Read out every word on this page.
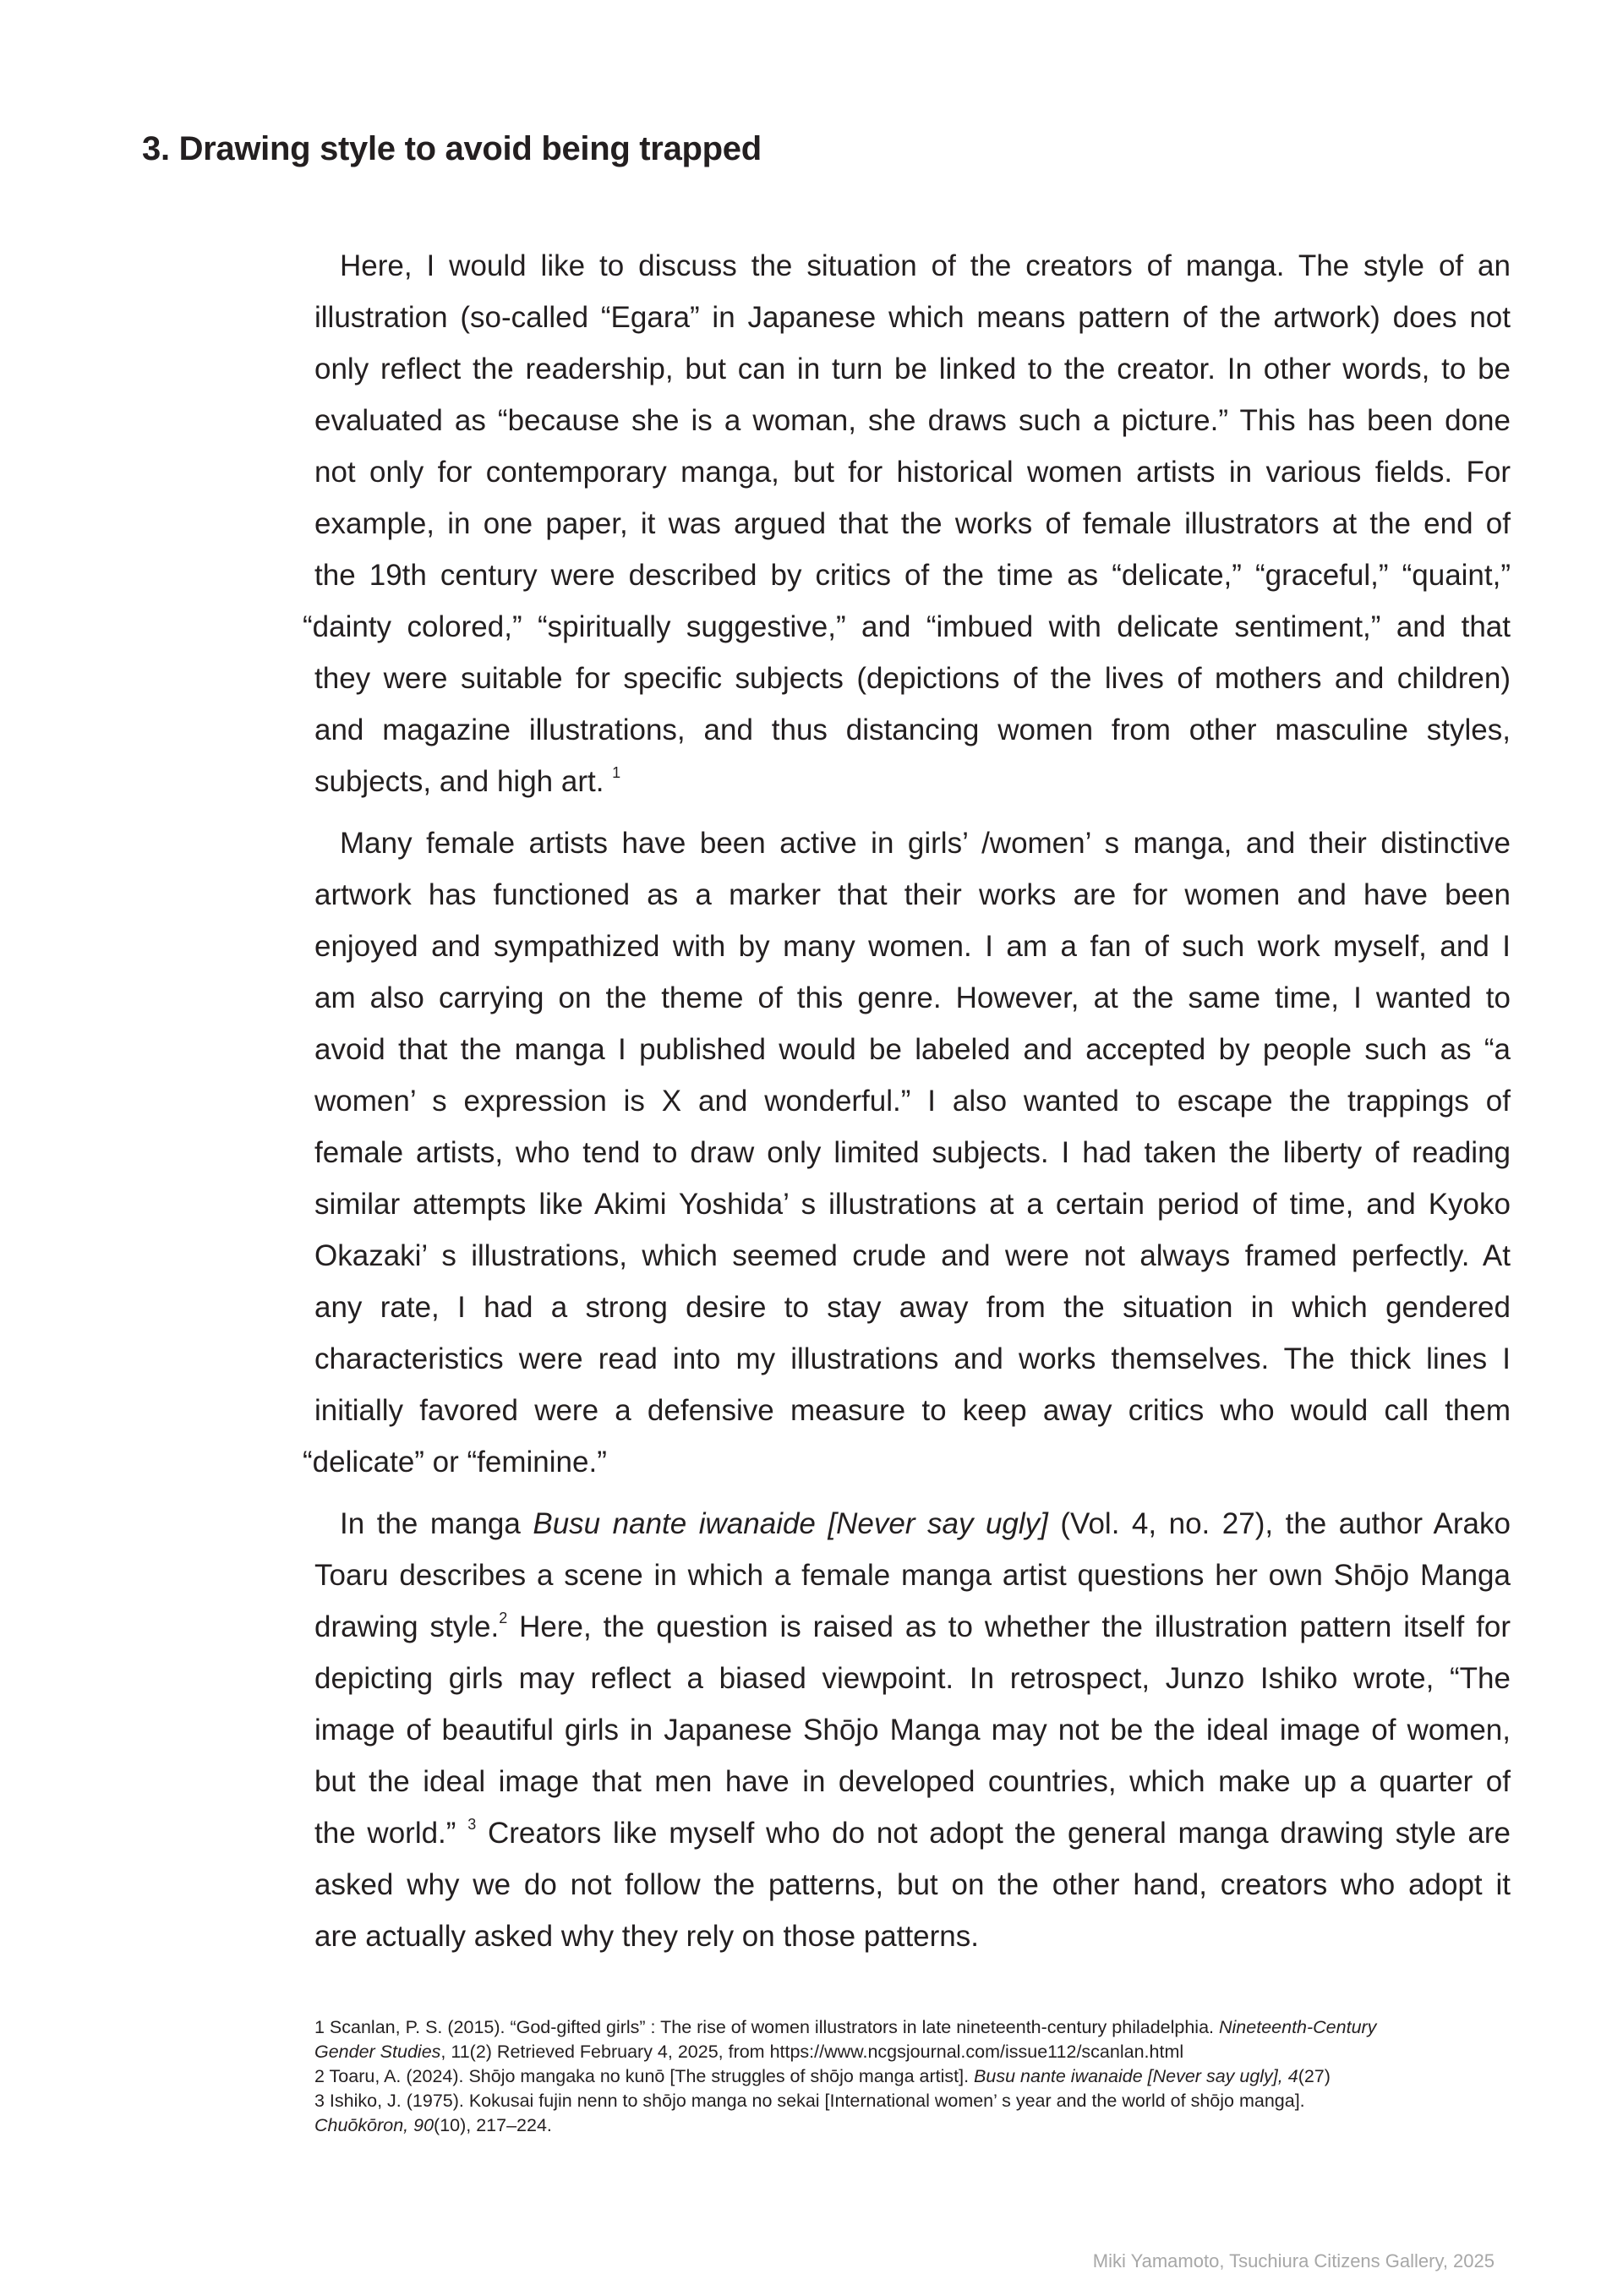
3. Drawing style to avoid being trapped
Here, I would like to discuss the situation of the creators of manga. The style of an
illustration (so-called “Egara” in Japanese which means pattern of the artwork) does not
only reflect the readership, but can in turn be linked to the creator. In other words, to be
evaluated as “because she is a woman, she draws such a picture.” This has been done
not only for contemporary manga, but for historical women artists in various fields. For
example, in one paper, it was argued that the works of female illustrators at the end of
the 19th century were described by critics of the time as “delicate,” “graceful,” “quaint,”
“dainty colored,” “spiritually suggestive,” and “imbued with delicate sentiment,” and that
they were suitable for specific subjects (depictions of the lives of mothers and children)
and magazine illustrations, and thus distancing women from other masculine styles,
subjects, and high art. $^1$
Many female artists have been active in girls’ /women’ s manga, and their distinctive
artwork has functioned as a marker that their works are for women and have been
enjoyed and sympathized with by many women. I am a fan of such work myself, and I
am also carrying on the theme of this genre. However, at the same time, I wanted to
avoid that the manga I published would be labeled and accepted by people such as “a
women’ s expression is X and wonderful.” I also wanted to escape the trappings of
female artists, who tend to draw only limited subjects. I had taken the liberty of reading
similar attempts like Akimi Yoshida’ s illustrations at a certain period of time, and Kyoko
Okazaki’ s illustrations, which seemed crude and were not always framed perfectly. At
any rate, I had a strong desire to stay away from the situation in which gendered
characteristics were read into my illustrations and works themselves. The thick lines I
initially favored were a defensive measure to keep away critics who would call them
“delicate” or “feminine.”
In the manga Busu nante iwanaide [Never say ugly] (Vol. 4, no. 27), the author Arako
Toaru describes a scene in which a female manga artist questions her own Shōjo Manga
drawing style.$^2$ Here, the question is raised as to whether the illustration pattern itself for
depicting girls may reflect a biased viewpoint. In retrospect, Junzo Ishiko wrote, “The
image of beautiful girls in Japanese Shōjo Manga may not be the ideal image of women,
but the ideal image that men have in developed countries, which make up a quarter of
the world.” $^3$ Creators like myself who do not adopt the general manga drawing style are
asked why we do not follow the patterns, but on the other hand, creators who adopt it
are actually asked why they rely on those patterns.

1 Scanlan, P. S. (2015). “God-gifted girls” : The rise of women illustrators in late nineteenth-century philadelphia. Nineteenth-Century
Gender Studies, 11(2) Retrieved February 4, 2025, from https://www.ncgsjournal.com/issue112/scanlan.html

2 Toaru, A. (2024). Shōjo mangaka no kunō [The struggles of shōjo manga artist]. Busu nante iwanaide [Never say ugly], 4(27)

3 Ishiko, J. (1975). Kokusai fujin nenn to shōjo manga no sekai [International women’ s year and the world of shōjo manga].
Chuōkōron, 90(10), 217–224.

Miki Yamamoto, Tsuchiura Citizens Gallery, 2025
